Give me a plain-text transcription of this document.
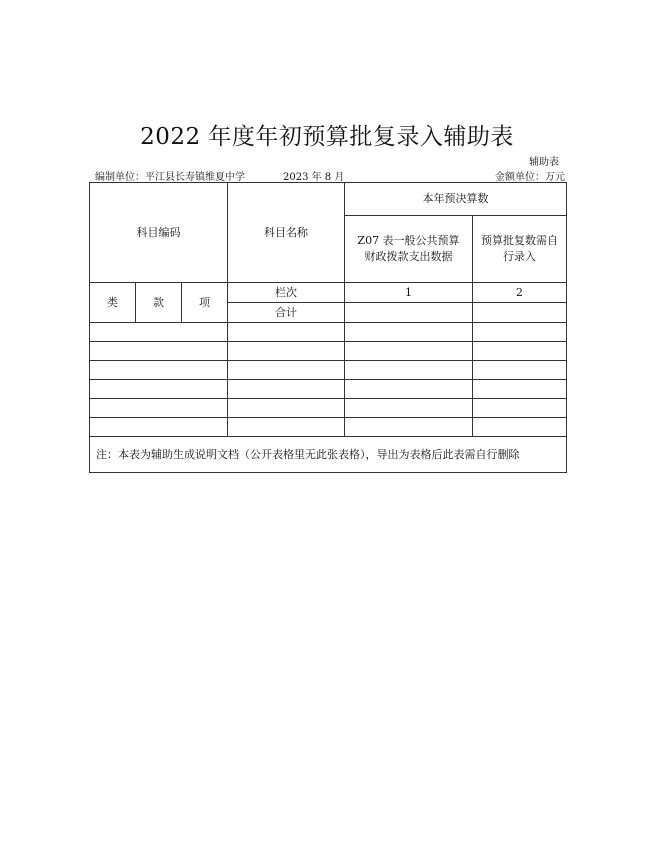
2022 年度年初预算批复录入辅助表
辅助表
编制单位：平江县长寿镇维夏中学	2023 年 8 月	金额单位：万元
科目编码			科目名称	本年预决算数	
				Z07 表一般公共预算财政拨款支出数据	预算批复数需自行录入
类	款	项	栏次	1	2
			合计		

注：本表为辅助生成说明文档（公开表格里无此张表格），导出为表格后此表需自行删除					
